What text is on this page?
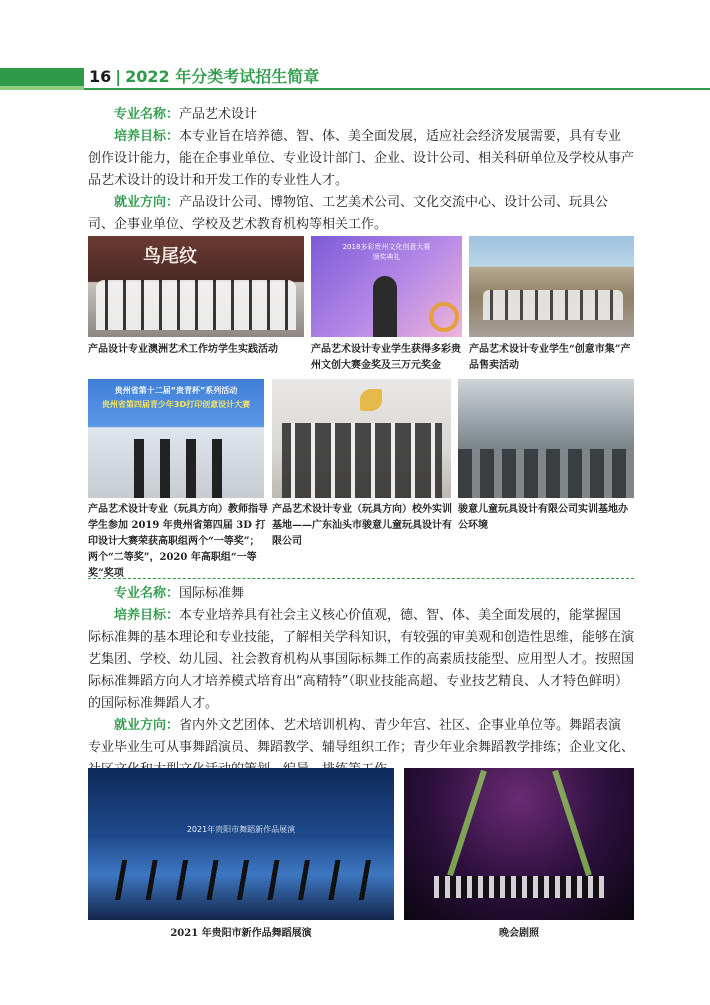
16 | 2022 年分类考试招生简章

专业名称：产品艺术设计

培养目标：本专业旨在培养德、智、体、美全面发展，适应社会经济发展需要，具有专业创作设计能力，能在企事业单位、专业设计部门、企业、设计公司、相关科研单位及学校从事产品艺术设计的设计和开发工作的专业性人才。

就业方向：产品设计公司、博物馆、工艺美术公司、文化交流中心、设计公司、玩具公司、企事业单位、学校及艺术教育机构等相关工作。

鸟尾纹	2018多彩贵州文化创意大赛
颁奖典礼
产品设计专业澳洲艺术工作坊学生实践活动	产品艺术设计专业学生获得多彩贵州文创大赛金奖及三万元奖金
产品艺术设计专业学生“创意市集”产品售卖活动
贵州省第十二届“贵青杯”系列活动
贵州省第四届青少年3D打印创意设计大赛
产品艺术设计专业（玩具方向）教师指导学生参加 2019 年贵州省第四届 3D 打印设计大赛荣获高职组两个“一等奖”；两个“二等奖”，2020 年高职组“一等奖”奖项
产品艺术设计专业（玩具方向）校外实训基地——广东汕头市骏意儿童玩具设计有限公司
骏意儿童玩具设计有限公司实训基地办公环境

专业名称：国际标准舞

培养目标：本专业培养具有社会主义核心价值观，德、智、体、美全面发展的，能掌握国际标准舞的基本理论和专业技能，了解相关学科知识，有较强的审美观和创造性思维，能够在演艺集团、学校、幼儿园、社会教育机构从事国际标舞工作的高素质技能型、应用型人才。按照国际标准舞蹈方向人才培养模式培育出“高精特”（职业技能高超、专业技艺精良、人才特色鲜明）的国际标准舞蹈人才。

就业方向：省内外文艺团体、艺术培训机构、青少年宫、社区、企事业单位等。舞蹈表演专业毕业生可从事舞蹈演员、舞蹈教学、辅导组织工作；青少年业余舞蹈教学排练；企业文化、

2021年贵阳市舞蹈新作品展演
2021 年贵阳市新作品舞蹈展演	晚会剧照
